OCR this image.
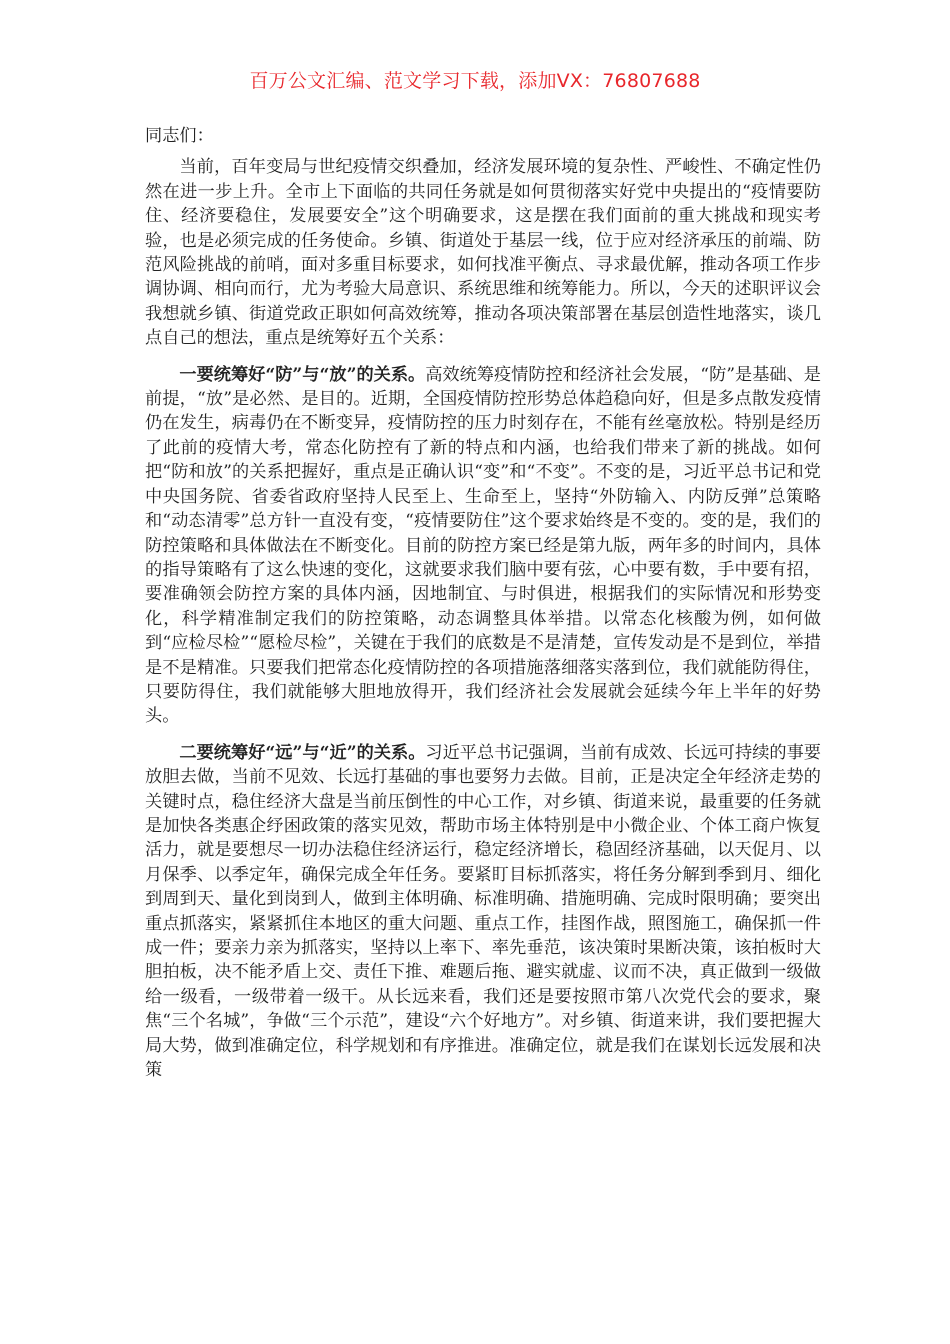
百万公文汇编、范文学习下载，添加VX：76807688

同志们：

当前，百年变局与世纪疫情交织叠加，经济发展环境的复杂性、严峻性、不确定性仍然在进一步上升。全市上下面临的共同任务就是如何贯彻落实好党中央提出的“疫情要防住、经济要稳住，发展要安全”这个明确要求，这是摆在我们面前的重大挑战和现实考验，也是必须完成的任务使命。乡镇、街道处于基层一线，位于应对经济承压的前端、防范风险挑战的前哨，面对多重目标要求，如何找准平衡点、寻求最优解，推动各项工作步调协调、相向而行，尤为考验大局意识、系统思维和统筹能力。所以，今天的述职评议会我想就乡镇、街道党政正职如何高效统筹，推动各项决策部署在基层创造性地落实，谈几点自己的想法，重点是统筹好五个关系：

一要统筹好“防”与“放”的关系。高效统筹疫情防控和经济社会发展，“防”是基础、是前提，“放”是必然、是目的。近期，全国疫情防控形势总体趋稳向好，但是多点散发疫情仍在发生，病毒仍在不断变异，疫情防控的压力时刻存在，不能有丝毫放松。特别是经历了此前的疫情大考，常态化防控有了新的特点和内涵，也给我们带来了新的挑战。如何把“防和放”的关系把握好，重点是正确认识“变”和“不变”。不变的是，习近平总书记和党中央国务院、省委省政府坚持人民至上、生命至上，坚持“外防输入、内防反弹”总策略和“动态清零”总方针一直没有变，“疫情要防住”这个要求始终是不变的。变的是，我们的防控策略和具体做法在不断变化。目前的防控方案已经是第九版，两年多的时间内，具体的指导策略有了这么快速的变化，这就要求我们脑中要有弦，心中要有数，手中要有招，要准确领会防控方案的具体内涵，因地制宜、与时俱进，根据我们的实际情况和形势变化，科学精准制定我们的防控策略，动态调整具体举措。以常态化核酸为例，如何做到“应检尽检”“愿检尽检”，关键在于我们的底数是不是清楚，宣传发动是不是到位，举措是不是精准。只要我们把常态化疫情防控的各项措施落细落实落到位，我们就能防得住，只要防得住，我们就能够大胆地放得开，我们经济社会发展就会延续今年上半年的好势头。

二要统筹好“远”与“近”的关系。习近平总书记强调，当前有成效、长远可持续的事要放胆去做，当前不见效、长远打基础的事也要努力去做。目前，正是决定全年经济走势的关键时点，稳住经济大盘是当前压倒性的中心工作，对乡镇、街道来说，最重要的任务就是加快各类惠企纾困政策的落实见效，帮助市场主体特别是中小微企业、个体工商户恢复活力，就是要想尽一切办法稳住经济运行，稳定经济增长，稳固经济基础，以天促月、以月保季、以季定年，确保完成全年任务。要紧盯目标抓落实，将任务分解到季到月、细化到周到天、量化到岗到人，做到主体明确、标准明确、措施明确、完成时限明确；要突出重点抓落实，紧紧抓住本地区的重大问题、重点工作，挂图作战，照图施工，确保抓一件成一件；要亲力亲为抓落实，坚持以上率下、率先垂范，该决策时果断决策，该拍板时大胆拍板，决不能矛盾上交、责任下推、难题后拖、避实就虚、议而不决，真正做到一级做给一级看，一级带着一级干。从长远来看，我们还是要按照市第八次党代会的要求，聚焦“三个名城”，争做“三个示范”，建设“六个好地方”。对乡镇、街道来讲，我们要把握大局大势，做到准确定位，科学规划和有序推进。准确定位，就是我们在谋划长远发展和决策
